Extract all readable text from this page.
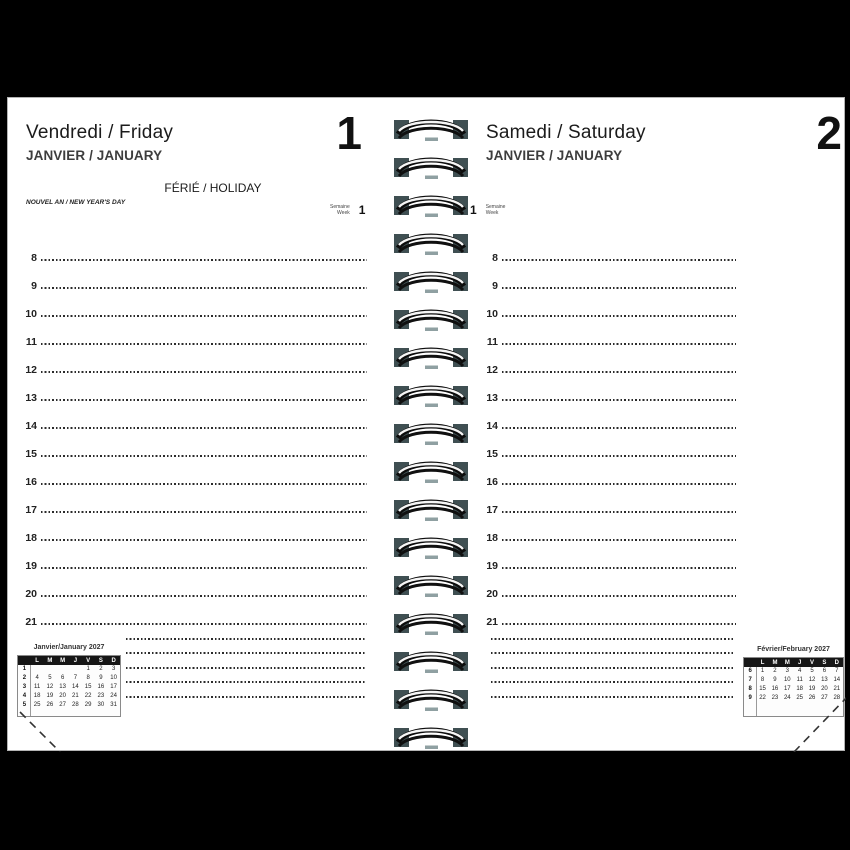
Vendredi / Friday
JANVIER / JANUARY	1
FÉRIÉ / HOLIDAY
NOUVEL AN / NEW YEAR'S DAY
Semaine
Week 1
8
9
10
11
12
13
14
15
16
17
18
19
20
21
Janvier/January 2027
	L	M	M	J	V	S	D
1					1	2	3
2	4	5	6	7	8	9	10
3	11	12	13	14	15	16	17
4	18	19	20	21	22	23	24
5	25	26	27	28	29	30	31
Samedi / Saturday
JANVIER / JANUARY	2
1 Semaine
Week
8
9
10
11
12
13
14
15
16
17
18
19
20
21
Février/February 2027
	L	M	M	J	V	S	D
6	1	2	3	4	5	6	7
7	8	9	10	11	12	13	14
8	15	16	17	18	19	20	21
9	22	23	24	25	26	27	28
